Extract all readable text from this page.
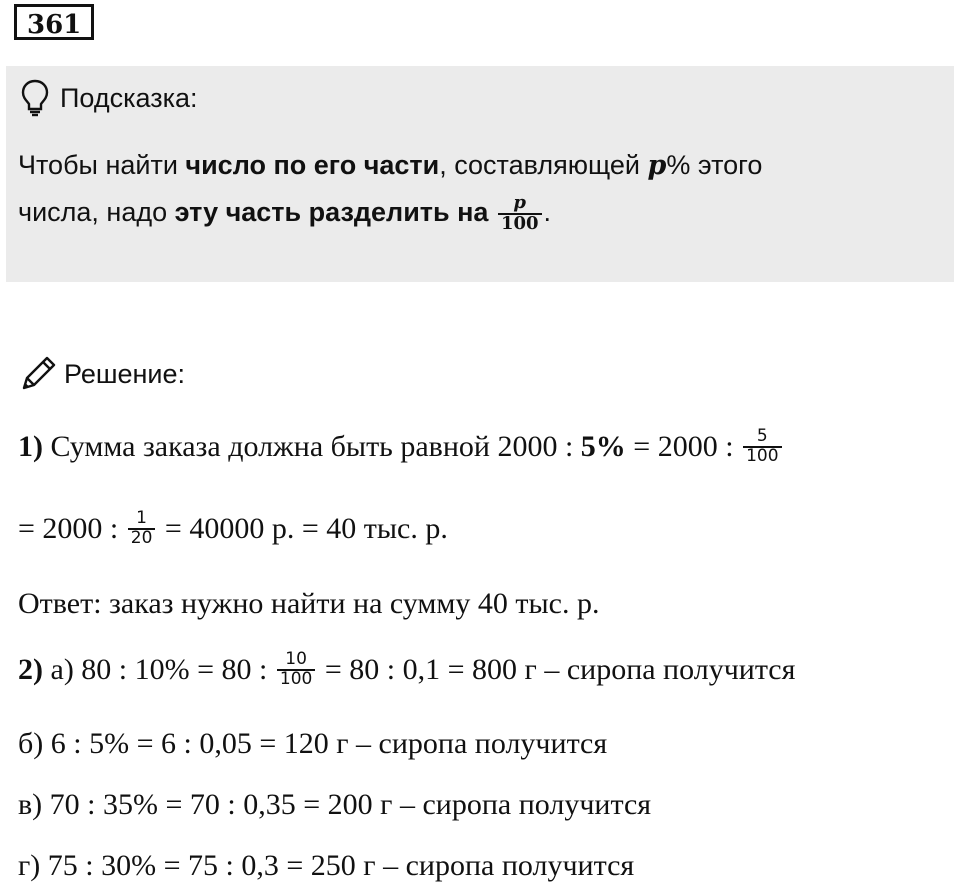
361
Подсказка:
Чтобы найти число по его части, составляющей p% этого
числа, надо эту часть разделить на $\frac{p}{100}$ .
Решение:
1) Сумма заказа должна быть равной 2000 : 5% = 2000 : $\frac{5}{100}$
= 2000 : $\frac{1}{20} = 40000$ р. = 40 тыс. р.
Ответ: заказ нужно найти на сумму 40 тыс. р.
2) а) 80 : 10% = 80 : $\frac{10}{100} = 80$ : 0,1 = 800 г – сиропа получится
б) 6 : 5% = 6 : 0,05 = 120 г – сиропа получится
в) 70 : 35% = 70 : 0,35 = 200 г – сиропа получится
г) 75 : 30% = 75 : 0,3 = 250 г – сиропа получится
